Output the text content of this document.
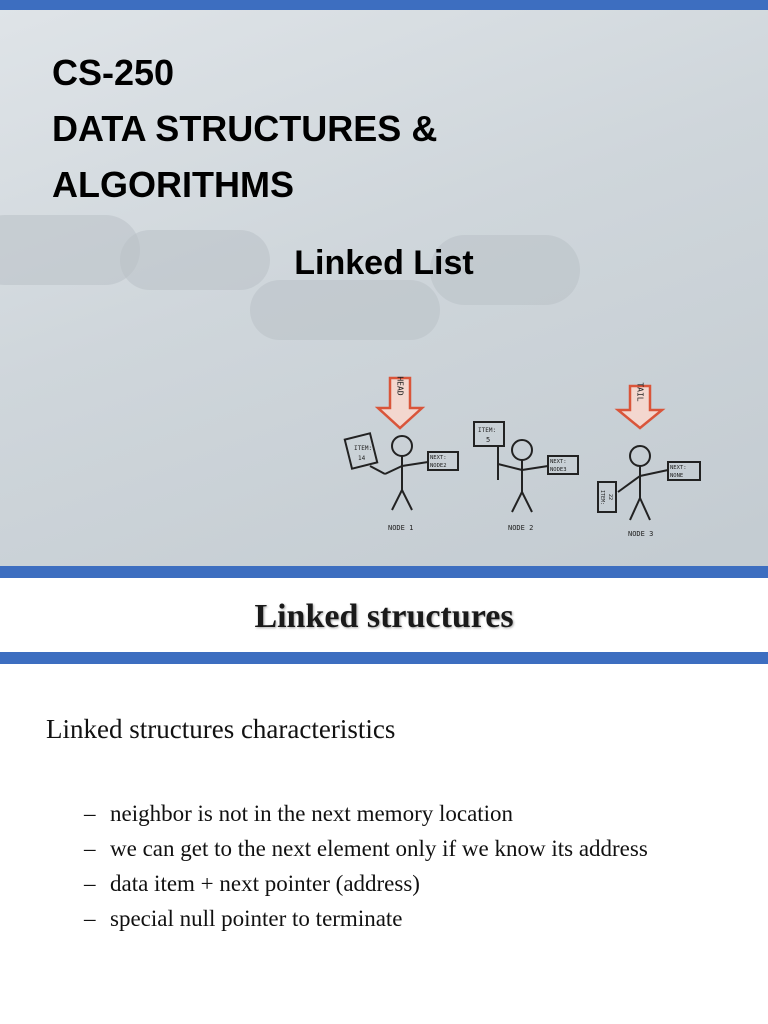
CS-250
DATA STRUCTURES &
ALGORITHMS
Linked List
HEAD	TAIL
ITEM:
14	NEXT:
NODE2
NODE 1
ITEM:
5
NEXT:
NODE3
NODE 2
ITEM: 22
NEXT:
NONE
NODE 3
Linked structures

Linked structures characteristics

– neighbor is not in the next memory location
– we can get to the next element only if we know its address
– data item + next pointer (address)
– special null pointer to terminate
